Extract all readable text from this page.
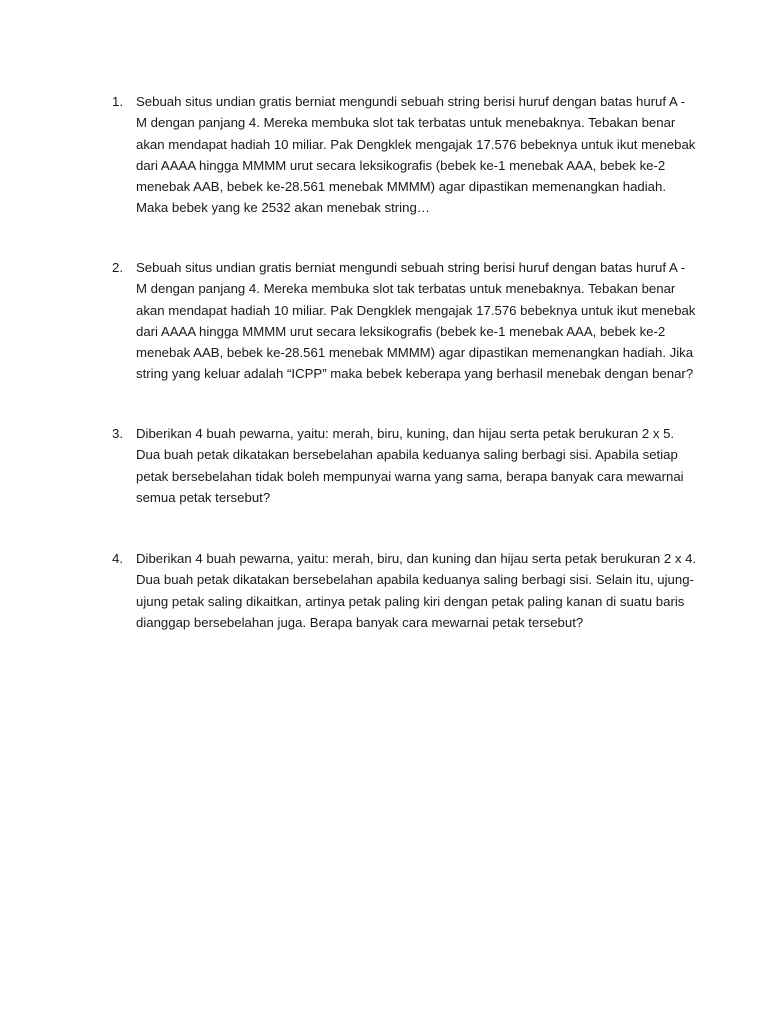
1. Sebuah situs undian gratis berniat mengundi sebuah string berisi huruf dengan batas huruf A -
M dengan panjang 4. Mereka membuka slot tak terbatas untuk menebaknya. Tebakan benar
akan mendapat hadiah 10 miliar. Pak Dengklek mengajak 17.576 bebeknya untuk ikut menebak
dari AAAA hingga MMMM urut secara leksikografis (bebek ke-1 menebak AAA, bebek ke-2
menebak AAB, bebek ke-28.561 menebak MMMM) agar dipastikan memenangkan hadiah.
Maka bebek yang ke 2532 akan menebak string…
2. Sebuah situs undian gratis berniat mengundi sebuah string berisi huruf dengan batas huruf A -
M dengan panjang 4. Mereka membuka slot tak terbatas untuk menebaknya. Tebakan benar
akan mendapat hadiah 10 miliar. Pak Dengklek mengajak 17.576 bebeknya untuk ikut menebak
dari AAAA hingga MMMM urut secara leksikografis (bebek ke-1 menebak AAA, bebek ke-2
menebak AAB, bebek ke-28.561 menebak MMMM) agar dipastikan memenangkan hadiah. Jika
string yang keluar adalah “ICPP” maka bebek keberapa yang berhasil menebak dengan benar?
3. Diberikan 4 buah pewarna, yaitu: merah, biru, kuning, dan hijau serta petak berukuran 2 x 5.
Dua buah petak dikatakan bersebelahan apabila keduanya saling berbagi sisi. Apabila setiap
petak bersebelahan tidak boleh mempunyai warna yang sama, berapa banyak cara mewarnai
semua petak tersebut?
4. Diberikan 4 buah pewarna, yaitu: merah, biru, dan kuning dan hijau serta petak berukuran 2 x 4.
Dua buah petak dikatakan bersebelahan apabila keduanya saling berbagi sisi. Selain itu, ujung-
ujung petak saling dikaitkan, artinya petak paling kiri dengan petak paling kanan di suatu baris
dianggap bersebelahan juga. Berapa banyak cara mewarnai petak tersebut?
